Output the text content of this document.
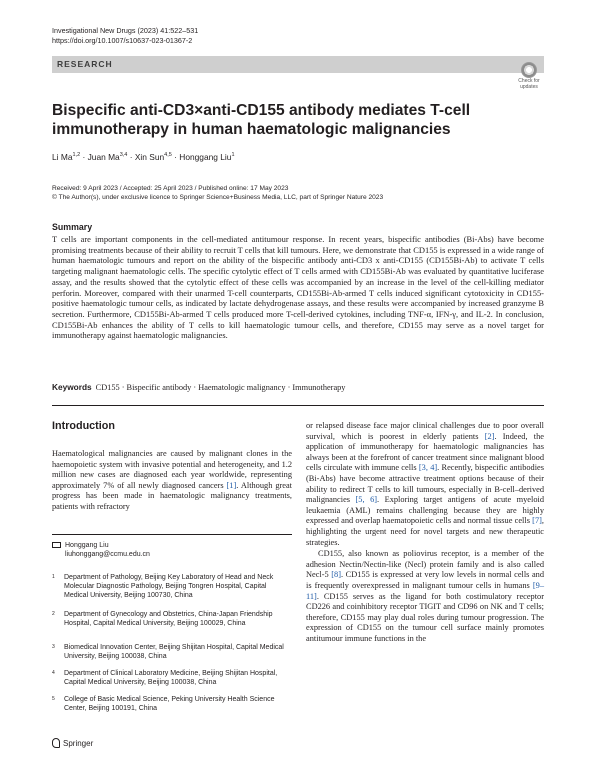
Investigational New Drugs (2023) 41:522–531
https://doi.org/10.1007/s10637-023-01367-2
RESEARCH
Check for
updates
Bispecific anti-CD3×anti-CD155 antibody mediates T-cell
immunotherapy in human haematologic malignancies
Li Ma$^{1,2}$ · Juan Ma$^{3,4}$ · Xin Sun$^{4,5}$ · Honggang Liu$^1$
Received: 9 April 2023 / Accepted: 25 April 2023 / Published online: 17 May 2023
© The Author(s), under exclusive licence to Springer Science+Business Media, LLC, part of Springer Nature 2023
Summary
T cells are important components in the cell-mediated antitumour response. In recent years, bispecific antibodies (Bi-Abs) have become promising treatments because of their ability to recruit T cells that kill tumours. Here, we demonstrate that CD155 is expressed in a wide range of human haematologic tumours and report on the ability of the bispecific antibody anti-CD3 x anti-CD155 (CD155Bi-Ab) to activate T cells targeting malignant haematologic cells. The specific cytolytic effect of T cells armed with CD155Bi-Ab was evaluated by quantitative luciferase assay, and the results showed that the cytolytic effect of these cells was accompanied by an increase in the level of the cell-killing mediator perforin. Moreover, compared with their unarmed T-cell counterparts, CD155Bi-Ab-armed T cells induced significant cytotoxicity in CD155-positive haematologic tumour cells, as indicated by lactate dehydrogenase assays, and these results were accompanied by increased granzyme B secretion. Furthermore, CD155Bi-Ab-armed T cells produced more T-cell-derived cytokines, including TNF-α, IFN-γ, and IL-2. In conclusion, CD155Bi-Ab enhances the ability of T cells to kill haematologic tumour cells, and therefore, CD155 may serve as a novel target for immunotherapy against haematologic malignancies.
Keywords CD155 · Bispecific antibody · Haematologic malignancy · Immunotherapy
Introduction

Haematological malignancies are caused by malignant clones in the haemopoietic system with invasive potential and heterogeneity, and 1.2 million new cases are diagnosed each year worldwide, representing approximately 7% of all newly diagnosed cancers [1]. Although great progress has been made in haematologic malignancy treatments, patients with refractory

or relapsed disease face major clinical challenges due to poor overall survival, which is poorest in elderly patients [2]. Indeed, the application of immunotherapy for haematologic malignancies has always been at the forefront of cancer treatment since malignant blood cells circulate with immune cells [3, 4]. Recently, bispecific antibodies (Bi-Abs) have become attractive treatment options because of their ability to redirect T cells to kill tumours, especially in B-cell–derived malignancies [5, 6]. Exploring target antigens of acute myeloid leukaemia (AML) remains challenging because they are highly expressed and overlap haematopoietic cells and normal tissue cells [7], highlighting the urgent need for novel targets and new therapeutic strategies.

CD155, also known as poliovirus receptor, is a member of the adhesion Nectin/Nectin-like (Necl) protein family and is also called Necl-5 [8]. CD155 is expressed at very low levels in normal cells and is frequently overexpressed in malignant tumour cells in humans [9–11]. CD155 serves as the ligand for both costimulatory receptor CD226 and coinhibitory receptor TIGIT and CD96 on NK and T cells; therefore, CD155 may play dual roles during tumour progression. The expression of CD155 on the tumour cell surface mainly promotes antitumour immune functions in the

Honggang Liu
liuhonggang@ccmu.edu.cn
1	Department of Pathology, Beijing Key Laboratory of Head and Neck Molecular Diagnostic Pathology, Beijing Tongren Hospital, Capital Medical University, Beijing 100730, China
2	Department of Gynecology and Obstetrics, China-Japan Friendship Hospital, Capital Medical University, Beijing 100029, China
3	Biomedical Innovation Center, Beijing Shijitan Hospital, Capital Medical University, Beijing 100038, China
4	Department of Clinical Laboratory Medicine, Beijing Shijitan Hospital, Capital Medical University, Beijing 100038, China
5	College of Basic Medical Science, Peking University Health Science Center, Beijing 100191, China
Springer
